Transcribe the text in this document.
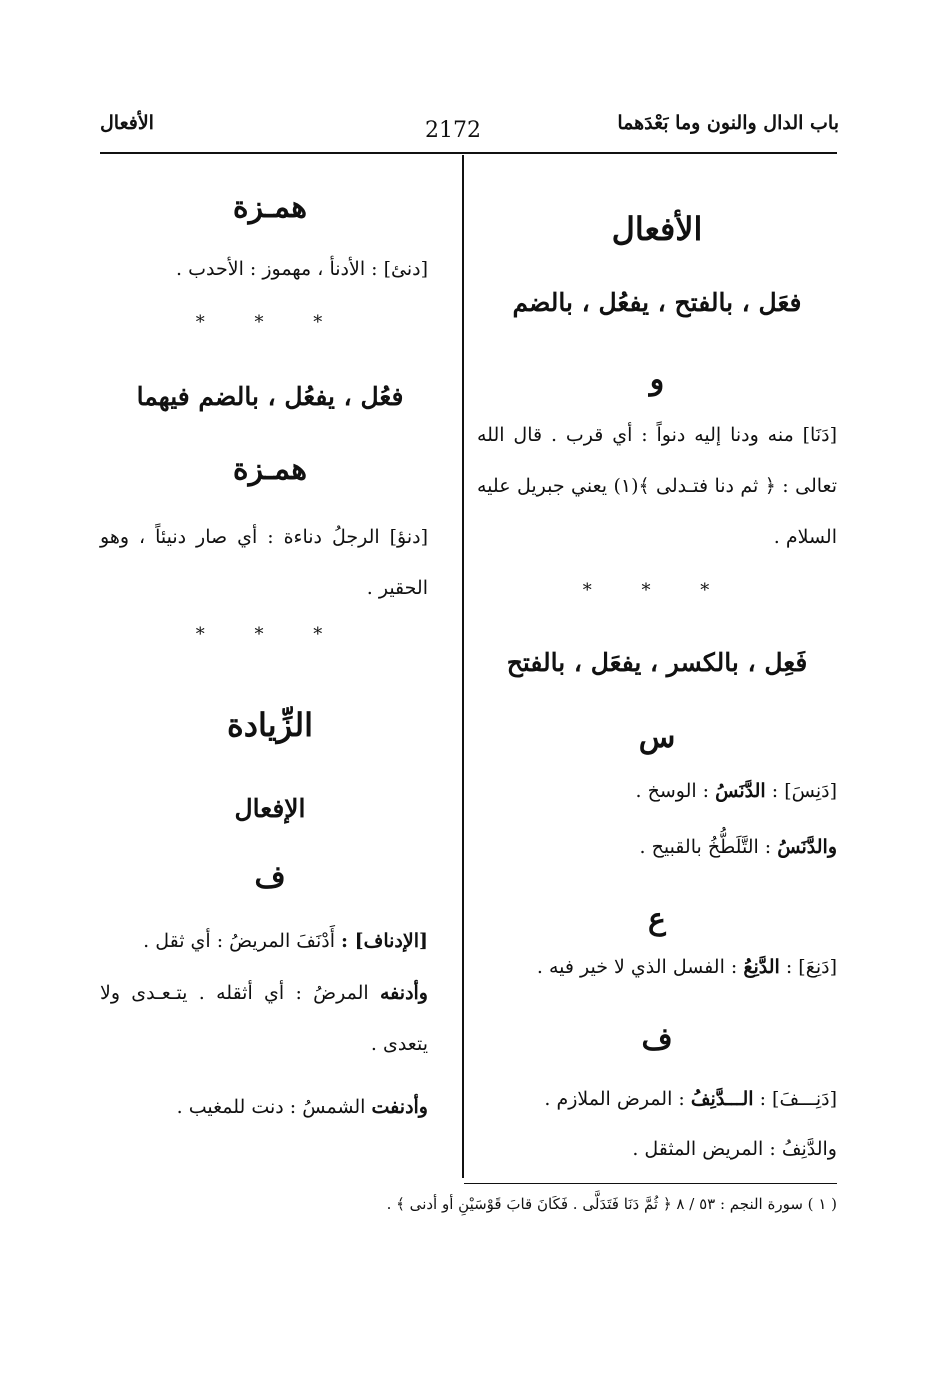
باب الدال والنون وما بَعْدَهما
2172
الأفعال
الأفعال
فعَل ، بالفتح ، يفعُل ، بالضم
و
[دَنَا] منه ودنا إليه دنواً : أي قرب . قال الله تعالى : ﴿ ثم دنا فتـدلى ﴾(١) يعني جبريل عليه السلام .
* * *
فَعِل ، بالكسر ، يفعَل ، بالفتح
س
[دَنِسَ] : الدَّنَسُ : الوسخ .
والدَّنَسُ : التَّلَطُّخُ بالقبيح .
ع
[دَنِعَ] : الدَّنِعُ : الفسل الذي لا خير فيه .
ف
[دَنِـــفَ] : الـــدَّنِفُ : المرض الملازم .
والدَّنِفُ : المريض المثقل .
همـزة
[دنئ] : الأدنأ ، مهموز : الأحدب .
* * *
فعُل ، يفعُل ، بالضم فيهما
همـزة
[دنؤ] الرجلُ دناءة : أي صار دنيئاً ، وهو الحقير .
* * *
الزِّيادة
الإفعال
ف
[الإدناف] : أَدْنَفَ المريضُ : أي ثقل .
وأدنفه المرضُ : أي أثقله . يتـعـدى ولا يتعدى .
وأدنفت الشمسُ : دنت للمغيب .
( ١ ) سورة النجم : ٥٣ / ٨ ﴿ ثُمَّ دَنَا فَتَدَلَّى . فَكَانَ قابَ قَوْسَيْنِ أو أدنى ﴾ .
